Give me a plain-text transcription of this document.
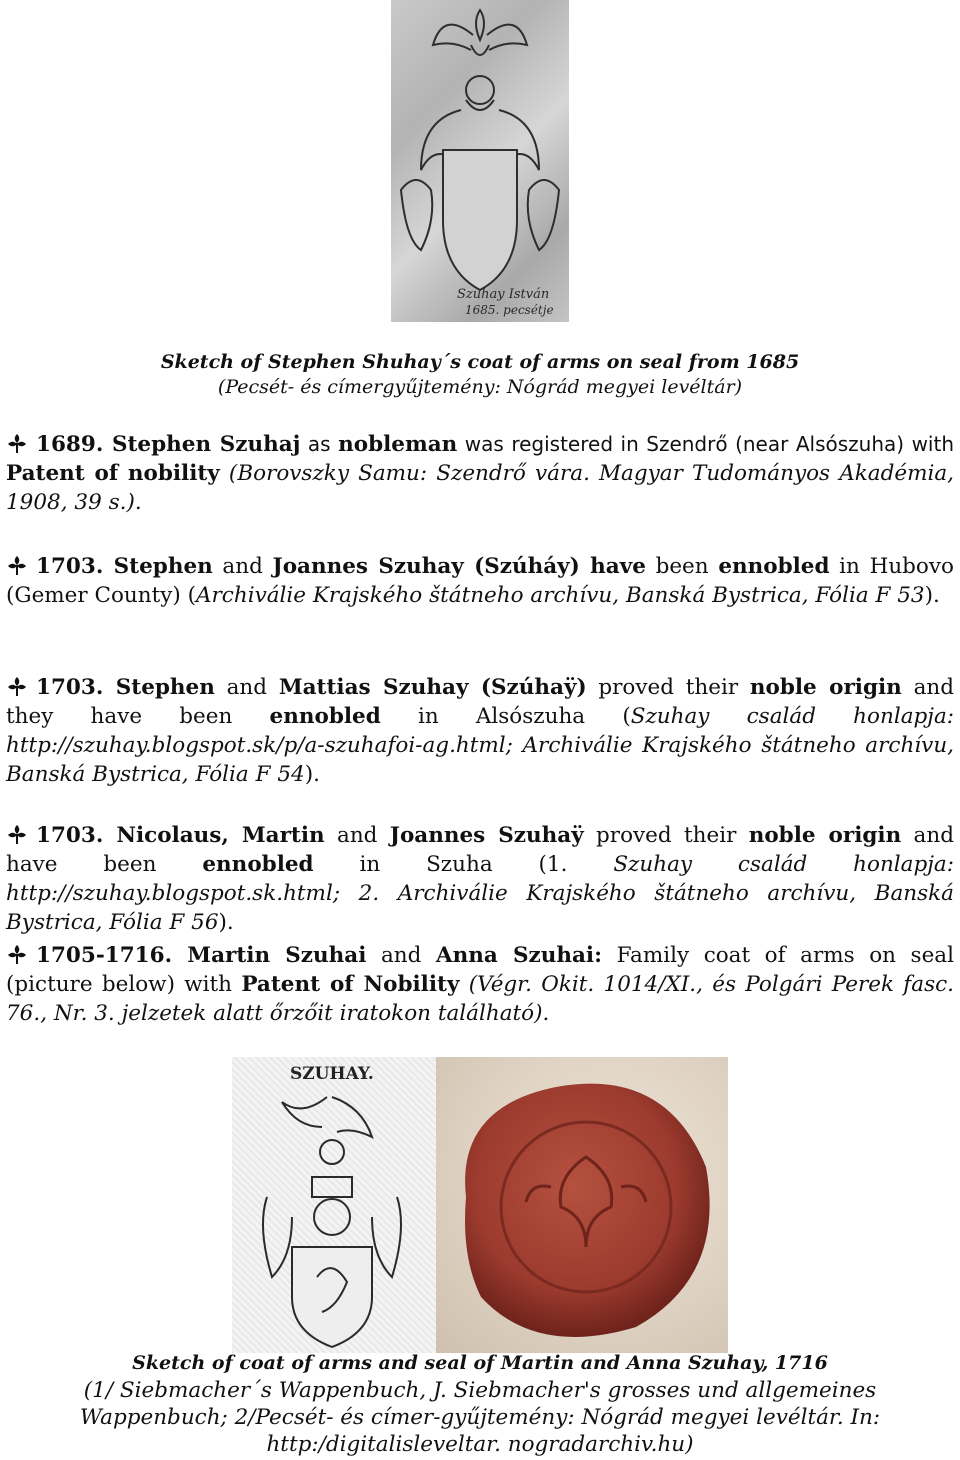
Szuhay István
1685. pecsétje
Sketch of Stephen Shuhay´s coat of arms on seal from 1685
(Pecsét- és címergyűjtemény: Nógrád megyei levéltár)
1689. Stephen Szuhaj as nobleman was registered in Szendrő (near Alsószuha) with Patent of nobility (Borovszky Samu: Szendrő vára. Magyar Tudományos Akadémia, 1908, 39 s.).
1703. Stephen and Joannes Szuhay (Szúháy) have been ennobled in Hubovo (Gemer County) (Archiválie Krajského štátneho archívu, Banská Bystrica, Fólia F 53).
1703. Stephen and Mattias Szuhay (Szúhaÿ) proved their noble origin and they have been ennobled in Alsószuha (Szuhay család honlapja: http://szuhay.blogspot.sk/p/a-szuhafoi-ag.html; Archiválie Krajského štátneho archívu, Banská Bystrica, Fólia F 54).
1703. Nicolaus, Martin and Joannes Szuhaÿ proved their noble origin and have been ennobled in Szuha (1. Szuhay család honlapja: http://szuhay.blogspot.sk.html; 2. Archiválie Krajského štátneho archívu, Banská Bystrica, Fólia F 56).
1705-1716. Martin Szuhai and Anna Szuhai: Family coat of arms on seal (picture below) with Patent of Nobility (Végr. Okit. 1014/XI., és Polgári Perek fasc. 76., Nr. 3. jelzetek alatt őrzőit iratokon található).
SZUHAY.
Sketch of coat of arms and seal of Martin and Anna Szuhay, 1716
(1/ Siebmacher´s Wappenbuch, J. Siebmacher's grosses und allgemeines Wappenbuch; 2/Pecsét- és címer-gyűjtemény: Nógrád megyei levéltár. In: http:/digitalisleveltar. nogradarchiv.hu)
